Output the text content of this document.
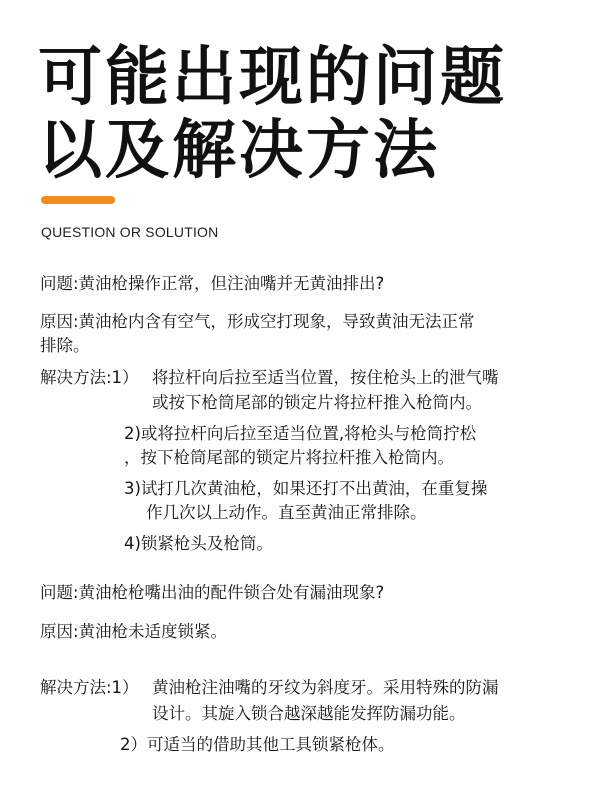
可能出现的问题
以及解决方法
QUESTION OR SOLUTION
问题:黄油枪操作正常，但注油嘴并无黄油排出?
原因:黄油枪内含有空气，形成空打现象，导致黄油无法正常
排除。
解决方法:1） 将拉杆向后拉至适当位置，按住枪头上的泄气嘴
或按下枪筒尾部的锁定片将拉杆推入枪筒内。
2)或将拉杆向后拉至适当位置,将枪头与枪筒拧松
，按下枪筒尾部的锁定片将拉杆推入枪筒内。
3)试打几次黄油枪，如果还打不出黄油，在重复操
作几次以上动作。直至黄油正常排除。
4)锁紧枪头及枪筒。
问题:黄油枪枪嘴出油的配件锁合处有漏油现象?
原因:黄油枪未适度锁紧。
解决方法:1） 黄油枪注油嘴的牙纹为斜度牙。采用特殊的防漏
设计。其旋入锁合越深越能发挥防漏功能。
2）可适当的借助其他工具锁紧枪体。
